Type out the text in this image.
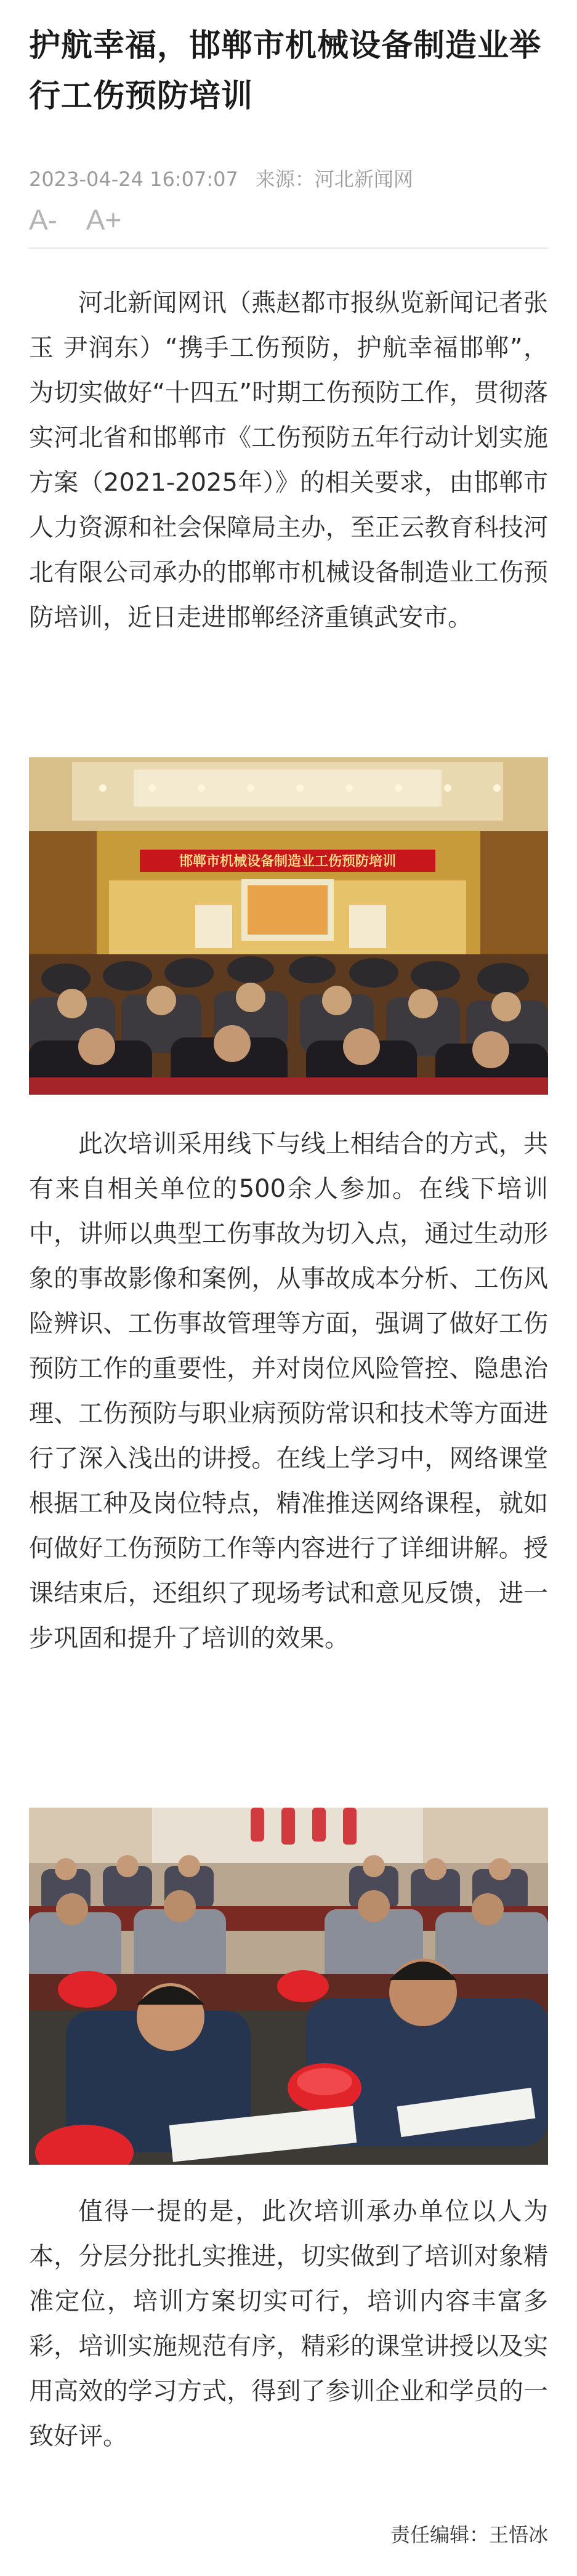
护航幸福，邯郸市机械设备制造业举行工伤预防培训
2023-04-24 16:07:07 来源：河北新闻网
A- A+

河北新闻网讯（燕赵都市报纵览新闻记者张玉 尹润东）“携手工伤预防，护航幸福邯郸”，为切实做好“十四五”时期工伤预防工作，贯彻落实河北省和邯郸市《工伤预防五年行动计划实施方案（2021-2025年）》的相关要求，由邯郸市人力资源和社会保障局主办，至正云教育科技河北有限公司承办的邯郸市机械设备制造业工伤预防培训，近日走进邯郸经济重镇武安市。

邯郸市机械设备制造业工伤预防培训

此次培训采用线下与线上相结合的方式，共有来自相关单位的500余人参加。在线下培训中，讲师以典型工伤事故为切入点，通过生动形象的事故影像和案例，从事故成本分析、工伤风险辨识、工伤事故管理等方面，强调了做好工伤预防工作的重要性，并对岗位风险管控、隐患治理、工伤预防与职业病预防常识和技术等方面进行了深入浅出的讲授。在线上学习中，网络课堂根据工种及岗位特点，精准推送网络课程，就如何做好工伤预防工作等内容进行了详细讲解。授课结束后，还组织了现场考试和意见反馈，进一步巩固和提升了培训的效果。

值得一提的是，此次培训承办单位以人为本，分层分批扎实推进，切实做到了培训对象精准定位，培训方案切实可行，培训内容丰富多彩，培训实施规范有序，精彩的课堂讲授以及实用高效的学习方式，得到了参训企业和学员的一致好评。

责任编辑：王悟冰
